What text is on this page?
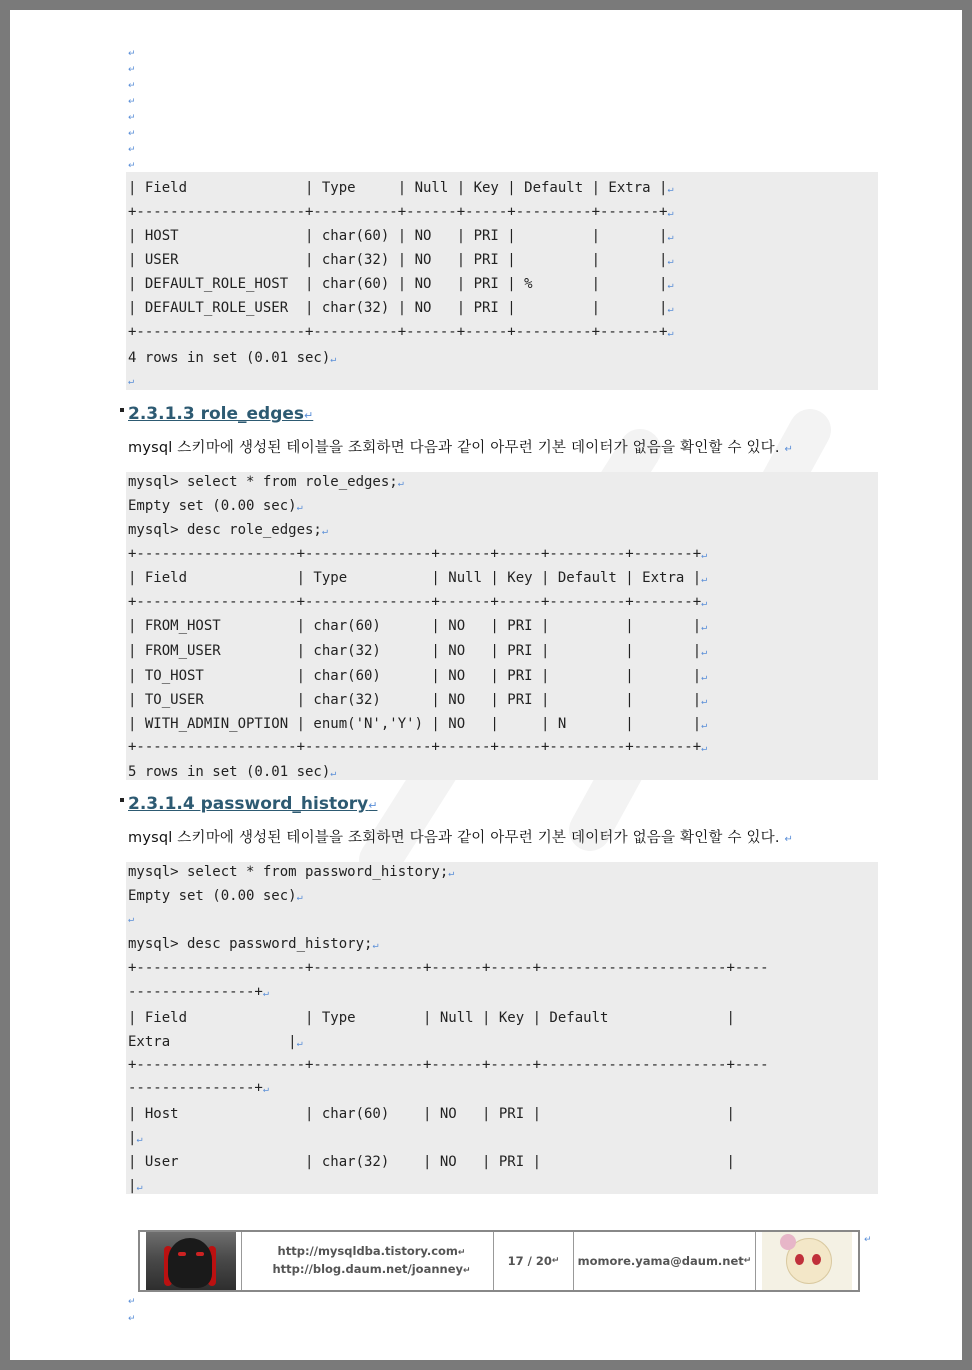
↵
↵
↵
↵
↵
↵
↵
↵
| Field              | Type     | Null | Key | Default | Extra |↵
+--------------------+----------+------+-----+---------+-------+↵
| HOST               | char(60) | NO   | PRI |         |       |↵
| USER               | char(32) | NO   | PRI |         |       |↵
| DEFAULT_ROLE_HOST  | char(60) | NO   | PRI | %       |       |↵
| DEFAULT_ROLE_USER  | char(32) | NO   | PRI |         |       |↵
+--------------------+----------+------+-----+---------+-------+↵
4 rows in set (0.01 sec)↵
↵
2.3.1.3 role_edges↵
mysql 스키마에 생성된 테이블을 조회하면 다음과 같이 아무런 기본 데이터가 없음을 확인할 수 있다. ↵
mysql> select * from role_edges;↵
Empty set (0.00 sec)↵
mysql> desc role_edges;↵
+-------------------+---------------+------+-----+---------+-------+↵
| Field             | Type          | Null | Key | Default | Extra |↵
+-------------------+---------------+------+-----+---------+-------+↵
| FROM_HOST         | char(60)      | NO   | PRI |         |       |↵
| FROM_USER         | char(32)      | NO   | PRI |         |       |↵
| TO_HOST           | char(60)      | NO   | PRI |         |       |↵
| TO_USER           | char(32)      | NO   | PRI |         |       |↵
| WITH_ADMIN_OPTION | enum('N','Y') | NO   |     | N       |       |↵
+-------------------+---------------+------+-----+---------+-------+↵
5 rows in set (0.01 sec)↵
2.3.1.4 password_history↵
mysql 스키마에 생성된 테이블을 조회하면 다음과 같이 아무런 기본 데이터가 없음을 확인할 수 있다. ↵
mysql> select * from password_history;↵
Empty set (0.00 sec)↵
↵
mysql> desc password_history;↵
+--------------------+-------------+------+-----+----------------------+----
---------------+↵
| Field              | Type        | Null | Key | Default              |
Extra              |↵
+--------------------+-------------+------+-----+----------------------+----
---------------+↵
| Host               | char(60)    | NO   | PRI |                      |
|↵
| User               | char(32)    | NO   | PRI |                      |
|↵
http://mysqldba.tistory.com↵
http://blog.daum.net/joanney↵
17 / 20 ↵ momore.yama@daum.net ↵
↵
↵
↵
